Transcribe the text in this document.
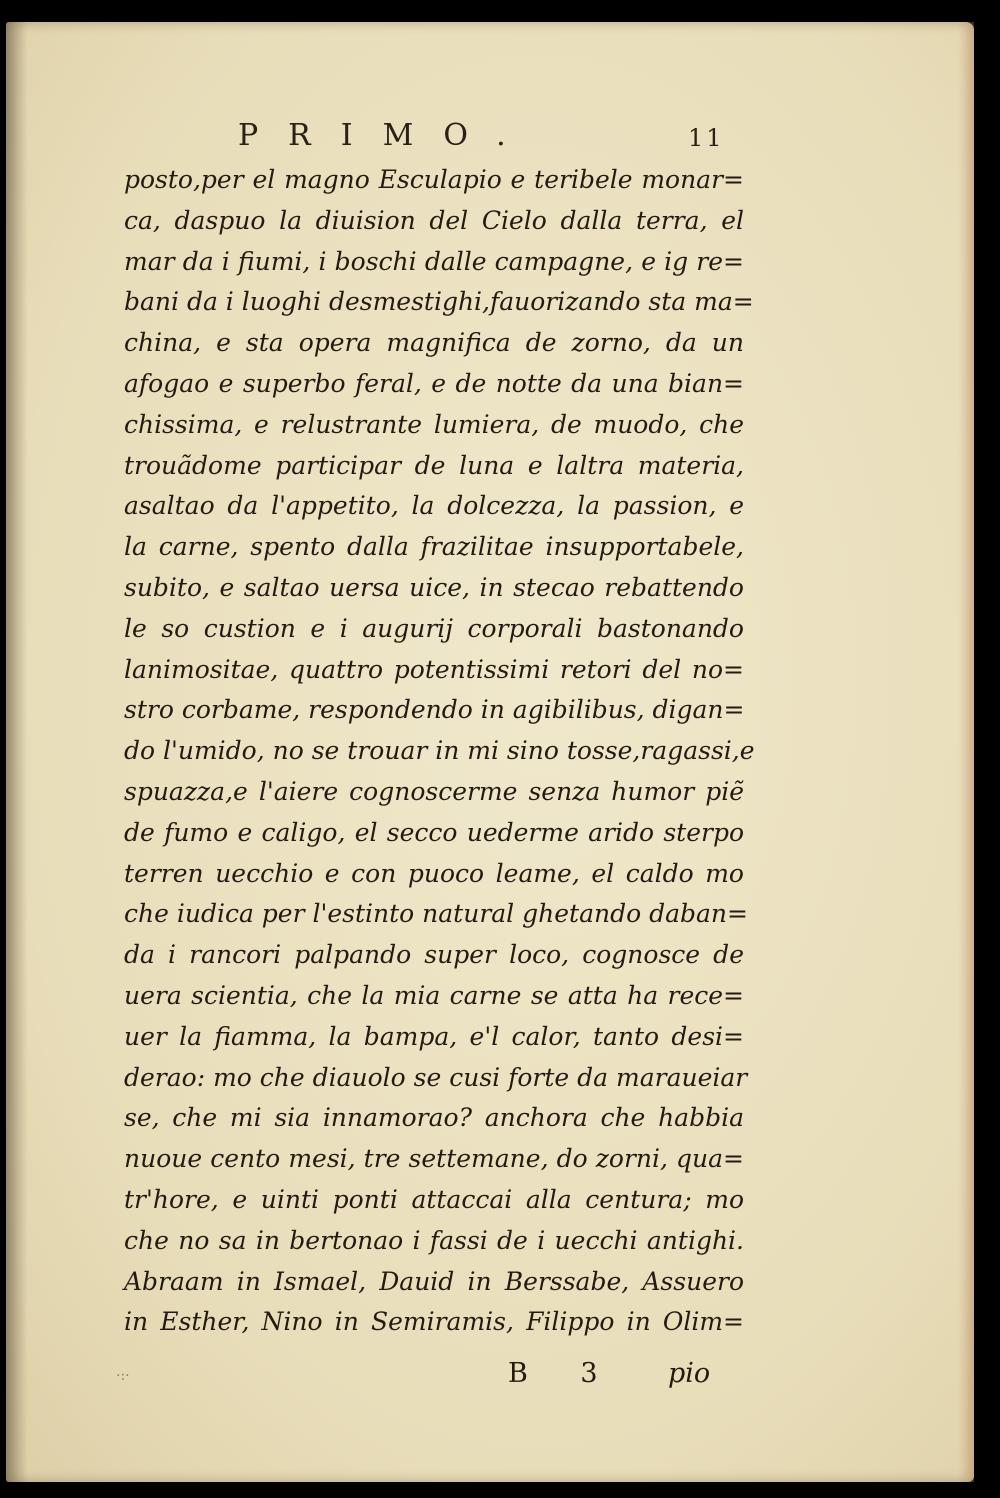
PRIMO.	11
posto,per el magno Esculapio e teribele monar=
ca, daspuo la diuision del Cielo dalla terra, el
mar da i fiumi, i boschi dalle campagne, e ig re=
bani da i luoghi desmestighi,fauorizando sta ma=
china, e sta opera magnifica de zorno, da un
afogao e superbo feral, e de notte da una bian=
chissima, e relustrante lumiera, de muodo, che
trouãdome participar de luna e laltra materia,
asaltao da l'appetito, la dolcezza, la passion, e
la carne, spento dalla frazilitae insupportabele,
subito, e saltao uersa uice, in stecao rebattendo
le so custion e i augurij corporali bastonando
lanimositae, quattro potentissimi retori del no=
stro corbame, respondendo in agibilibus, digan=
do l'umido, no se trouar in mi sino tosse,ragassi,e
spuazza,e l'aiere cognoscerme senza humor piẽ
de fumo e caligo, el secco uederme arido sterpo
terren uecchio e con puoco leame, el caldo mo
che iudica per l'estinto natural ghetando daban=
da i rancori palpando super loco, cognosce de
uera scientia, che la mia carne se atta ha rece=
uer la fiamma, la bampa, e'l calor, tanto desi=
derao: mo che diauolo se cusi forte da maraueiar
se, che mi sia innamorao? anchora che habbia
nuoue cento mesi, tre settemane, do zorni, qua=
tr'hore, e uinti ponti attaccai alla centura; mo
che no sa in bertonao i fassi de i uecchi antighi.
Abraam in Ismael, Dauid in Berssabe, Assuero
in Esther, Nino in Semiramis, Filippo in Olim=
·:·	B 3 pio
